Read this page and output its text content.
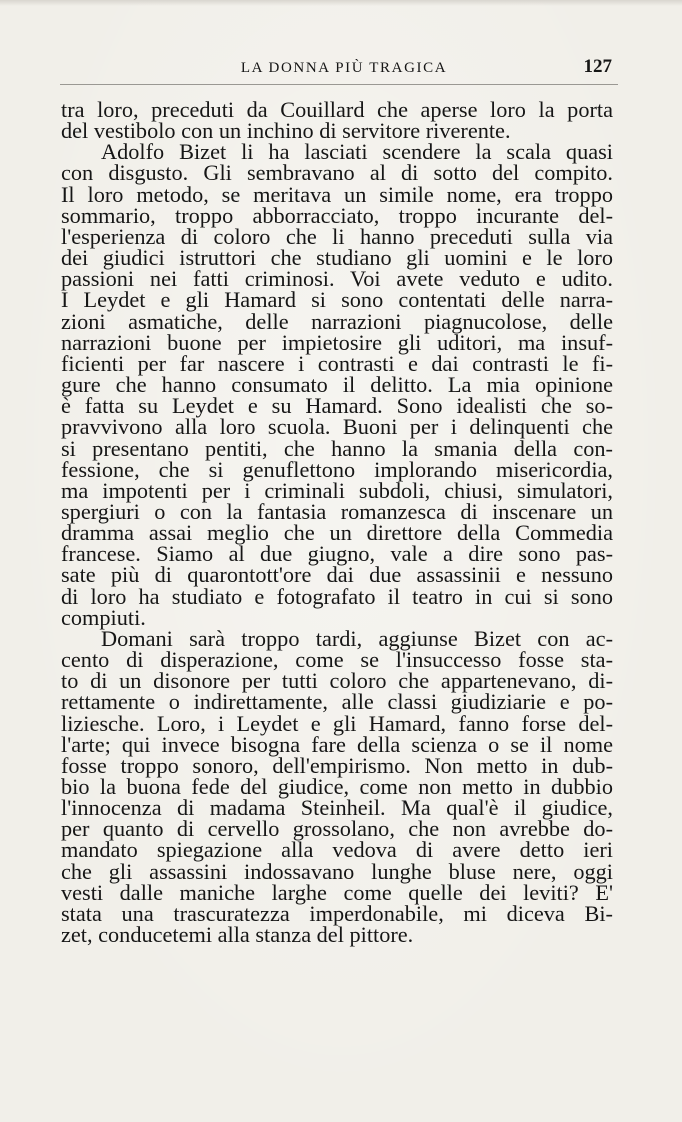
LA DONNA PIÙ TRAGICA	127

tra loro, preceduti da Couillard che aperse loro la porta
del vestibolo con un inchino di servitore riverente.

Adolfo Bizet li ha lasciati scendere la scala quasi
con disgusto. Gli sembravano al di sotto del compito.
Il loro metodo, se meritava un simile nome, era troppo
sommario, troppo abborracciato, troppo incurante del-
l'esperienza di coloro che li hanno preceduti sulla via
dei giudici istruttori che studiano gli uomini e le loro
passioni nei fatti criminosi. Voi avete veduto e udito.
I Leydet e gli Hamard si sono contentati delle narra-
zioni asmatiche, delle narrazioni piagnucolose, delle
narrazioni buone per impietosire gli uditori, ma insuf-
ficienti per far nascere i contrasti e dai contrasti le fi-
gure che hanno consumato il delitto. La mia opinione
è fatta su Leydet e su Hamard. Sono idealisti che so-
pravvivono alla loro scuola. Buoni per i delinquenti che
si presentano pentiti, che hanno la smania della con-
fessione, che si genuflettono implorando misericordia,
ma impotenti per i criminali subdoli, chiusi, simulatori,
spergiuri o con la fantasia romanzesca di inscenare un
dramma assai meglio che un direttore della Commedia
francese. Siamo al due giugno, vale a dire sono pas-
sate più di quarontott'ore dai due assassinii e nessuno
di loro ha studiato e fotografato il teatro in cui si sono
compiuti.

Domani sarà troppo tardi, aggiunse Bizet con ac-
cento di disperazione, come se l'insuccesso fosse sta-
to di un disonore per tutti coloro che appartenevano, di-
rettamente o indirettamente, alle classi giudiziarie e po-
liziesche. Loro, i Leydet e gli Hamard, fanno forse del-
l'arte; qui invece bisogna fare della scienza o se il nome
fosse troppo sonoro, dell'empirismo. Non metto in dub-
bio la buona fede del giudice, come non metto in dubbio
l'innocenza di madama Steinheil. Ma qual'è il giudice,
per quanto di cervello grossolano, che non avrebbe do-
mandato spiegazione alla vedova di avere detto ieri
che gli assassini indossavano lunghe bluse nere, oggi
vesti dalle maniche larghe come quelle dei leviti? E'
stata una trascuratezza imperdonabile, mi diceva Bi-
zet, conducetemi alla stanza del pittore.
